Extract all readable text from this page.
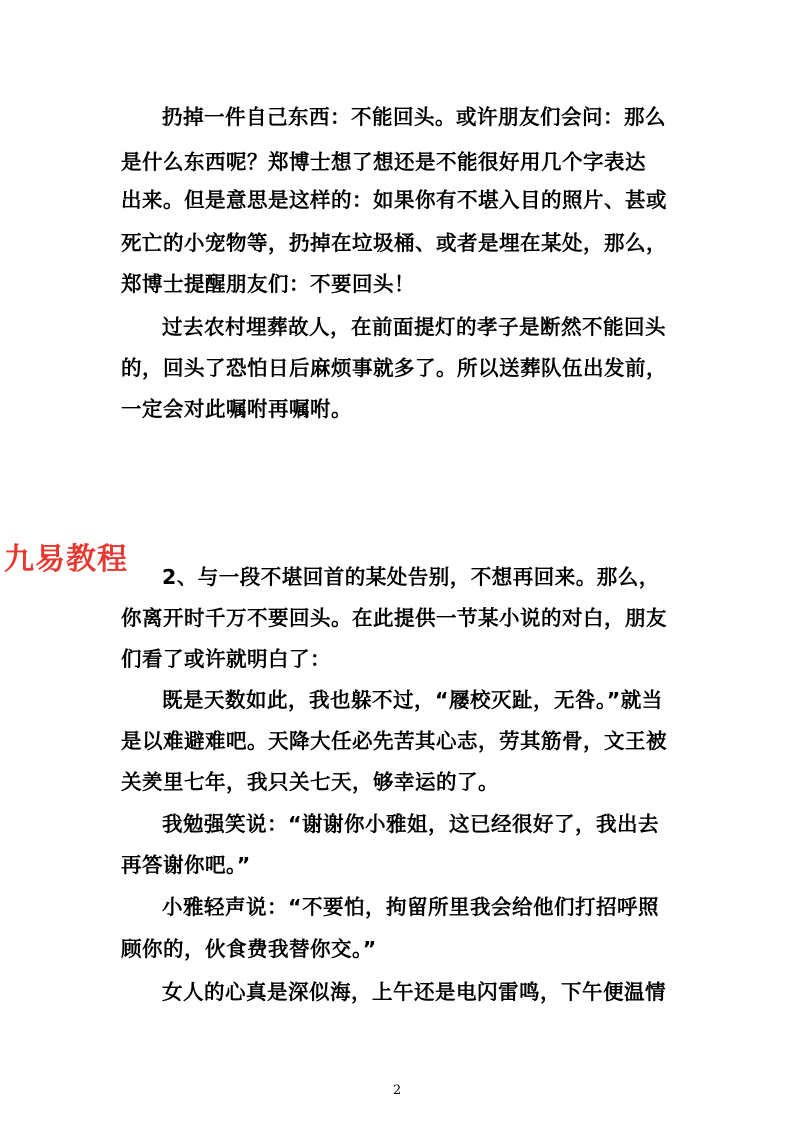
扔掉一件自己东西：不能回头。或许朋友们会问：那么
是什么东西呢？郑博士想了想还是不能很好用几个字表达
出来。但是意思是这样的：如果你有不堪入目的照片、甚或
死亡的小宠物等，扔掉在垃圾桶、或者是埋在某处，那么，
郑博士提醒朋友们：不要回头！
过去农村埋葬故人，在前面提灯的孝子是断然不能回头
的，回头了恐怕日后麻烦事就多了。所以送葬队伍出发前，
一定会对此嘱咐再嘱咐。
九易教程 2、与一段不堪回首的某处告别，不想再回来。那么，
你离开时千万不要回头。在此提供一节某小说的对白，朋友
们看了或许就明白了：
既是天数如此，我也躲不过，“屦校灭趾，无咎。”就当
是以难避难吧。天降大任必先苦其心志，劳其筋骨，文王被
关羑里七年，我只关七天，够幸运的了。
我勉强笑说：“谢谢你小雅姐，这已经很好了，我出去
再答谢你吧。”
小雅轻声说：“不要怕，拘留所里我会给他们打招呼照
顾你的，伙食费我替你交。”
女人的心真是深似海，上午还是电闪雷鸣，下午便温情
2
